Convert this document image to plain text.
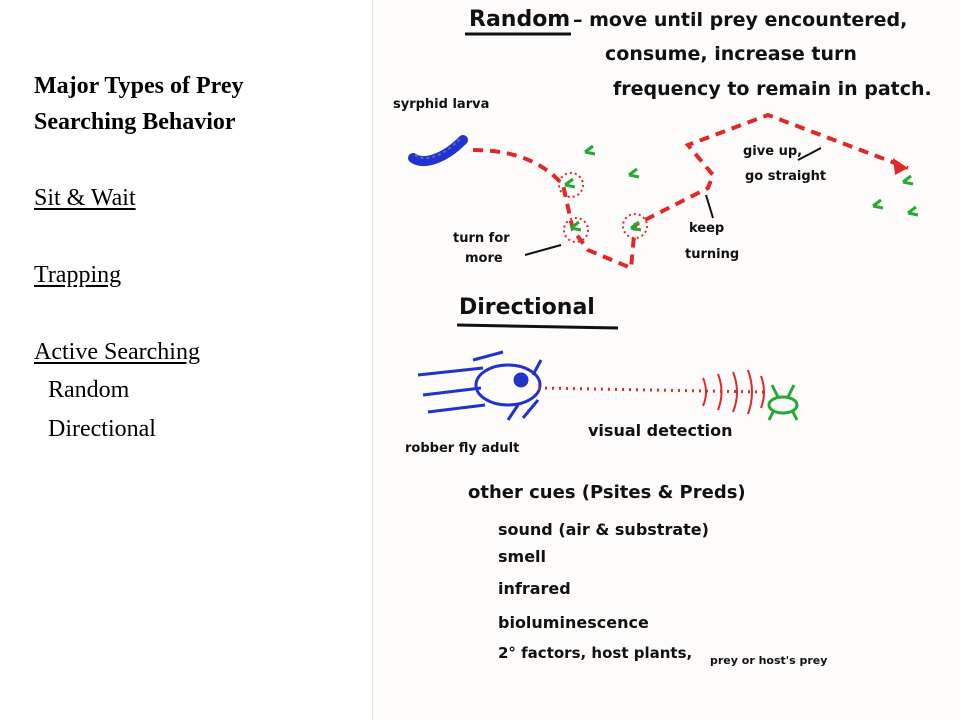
Major Types of Prey
Searching Behavior
Sit & Wait
Trapping
Active Searching
Random
Directional
Random – move until prey encountered,
consume, increase turn
frequency to remain in patch.
syrphid larva
turn for
more
keep
turning
give up,
go straight
Directional
robber fly adult
visual detection
other cues (Psites & Preds)
sound (air & substrate)
smell
infrared
bioluminescence
2° factors, host plants, prey or host's prey
